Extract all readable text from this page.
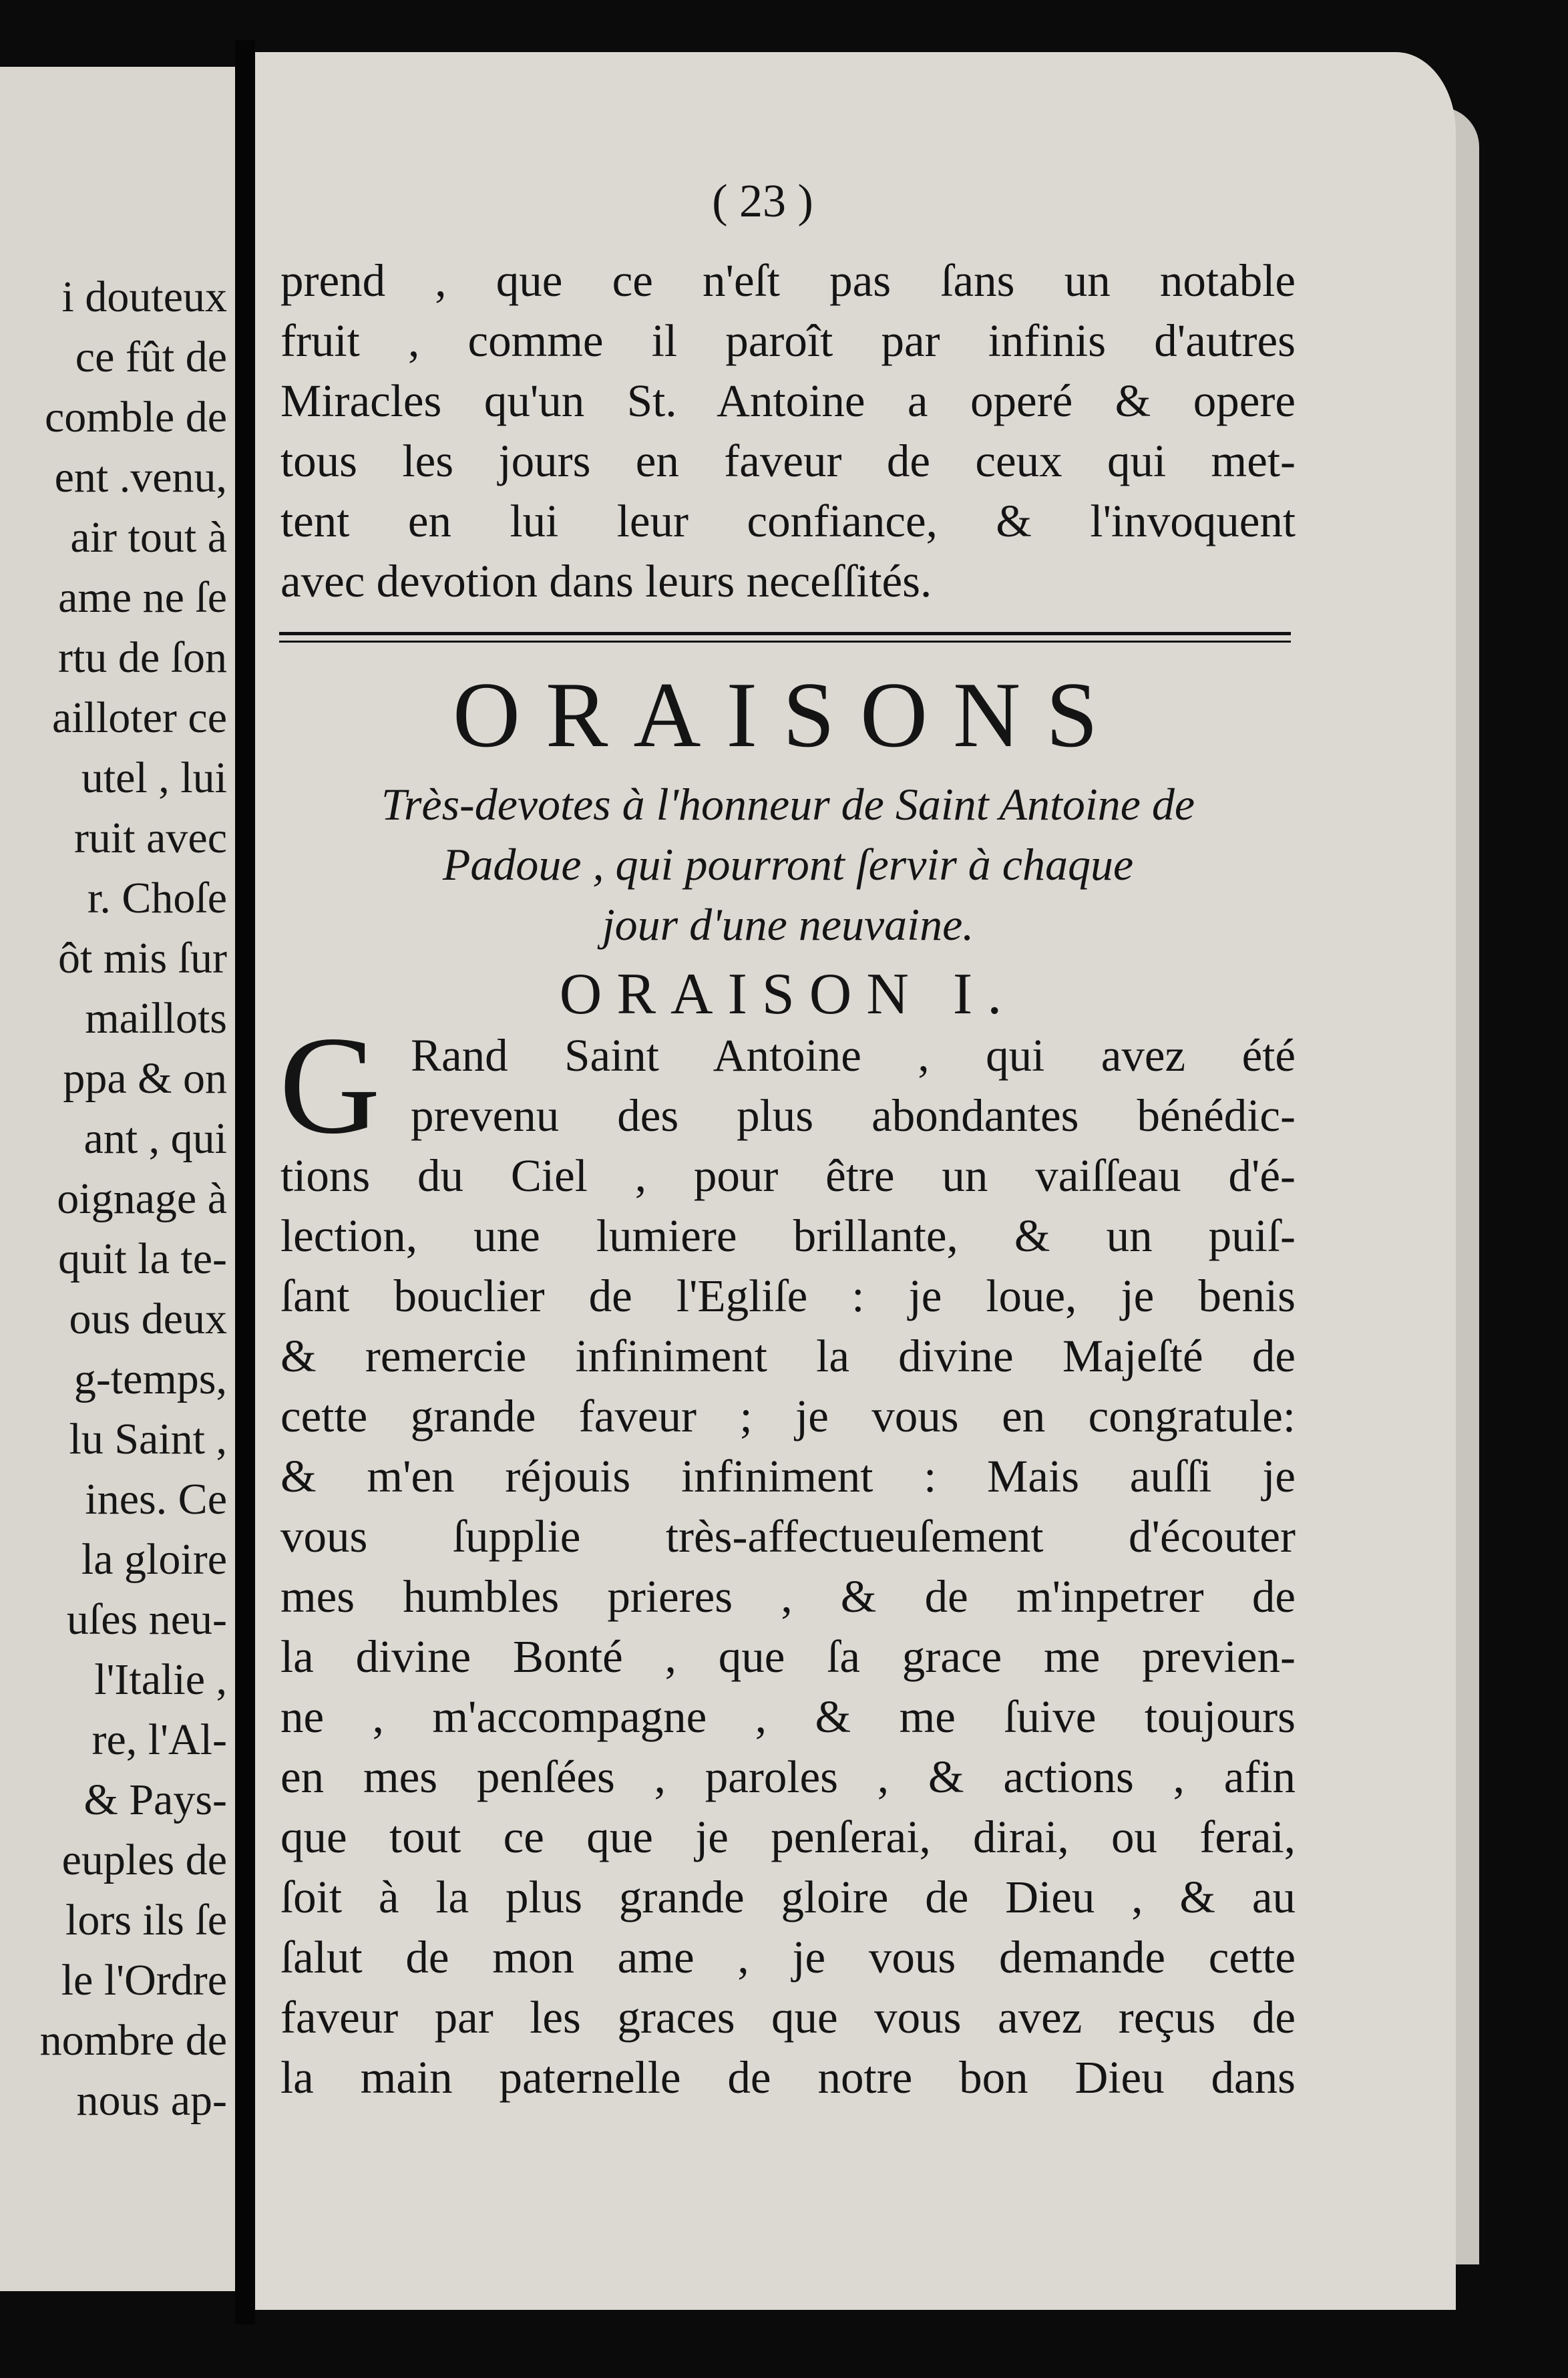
i douteux
ce fût de
comble de
ent .venu,
air tout à
ame ne ſe
rtu de ſon
ailloter ce
utel , lui
ruit avec
r. Choſe
ôt mis ſur
maillots
ppa & on
ant , qui
oignage à
quit la te-
ous deux
g-temps,
lu Saint ,
ines. Ce
la gloire
uſes neu-
l'Italie ,
re, l'Al-
& Pays-
euples de
lors ils ſe
le l'Ordre
nombre de
nous ap-
( 23 )
prend , que ce n'eſt pas ſans un notable
fruit , comme il paroît par infinis d'autres
Miracles qu'un St. Antoine a operé & opere
tous les jours en faveur de ceux qui met-
tent en lui leur confiance, & l'invoquent
avec devotion dans leurs neceſſités.
ORAISONS
Très-devotes à l'honneur de Saint Antoine de
Padoue , qui pourront ſervir à chaque
jour d'une neuvaine.
ORAISON I.
G Rand Saint Antoine , qui avez été
prevenu des plus abondantes bénédic-
tions du Ciel , pour être un vaiſſeau d'é-
lection, une lumiere brillante, & un puiſ-
ſant bouclier de l'Egliſe : je loue, je benis
& remercie infiniment la divine Majeſté de
cette grande faveur ; je vous en congratule:
& m'en réjouis infiniment : Mais auſſi je
vous ſupplie très-affectueuſement d'écouter
mes humbles prieres , & de m'inpetrer de
la divine Bonté , que ſa grace me previen-
ne , m'accompagne , & me ſuive toujours
en mes penſées , paroles , & actions , afin
que tout ce que je penſerai, dirai, ou ferai,
ſoit à la plus grande gloire de Dieu , & au
ſalut de mon ame , je vous demande cette
faveur par les graces que vous avez reçus de
la main paternelle de notre bon Dieu dans
